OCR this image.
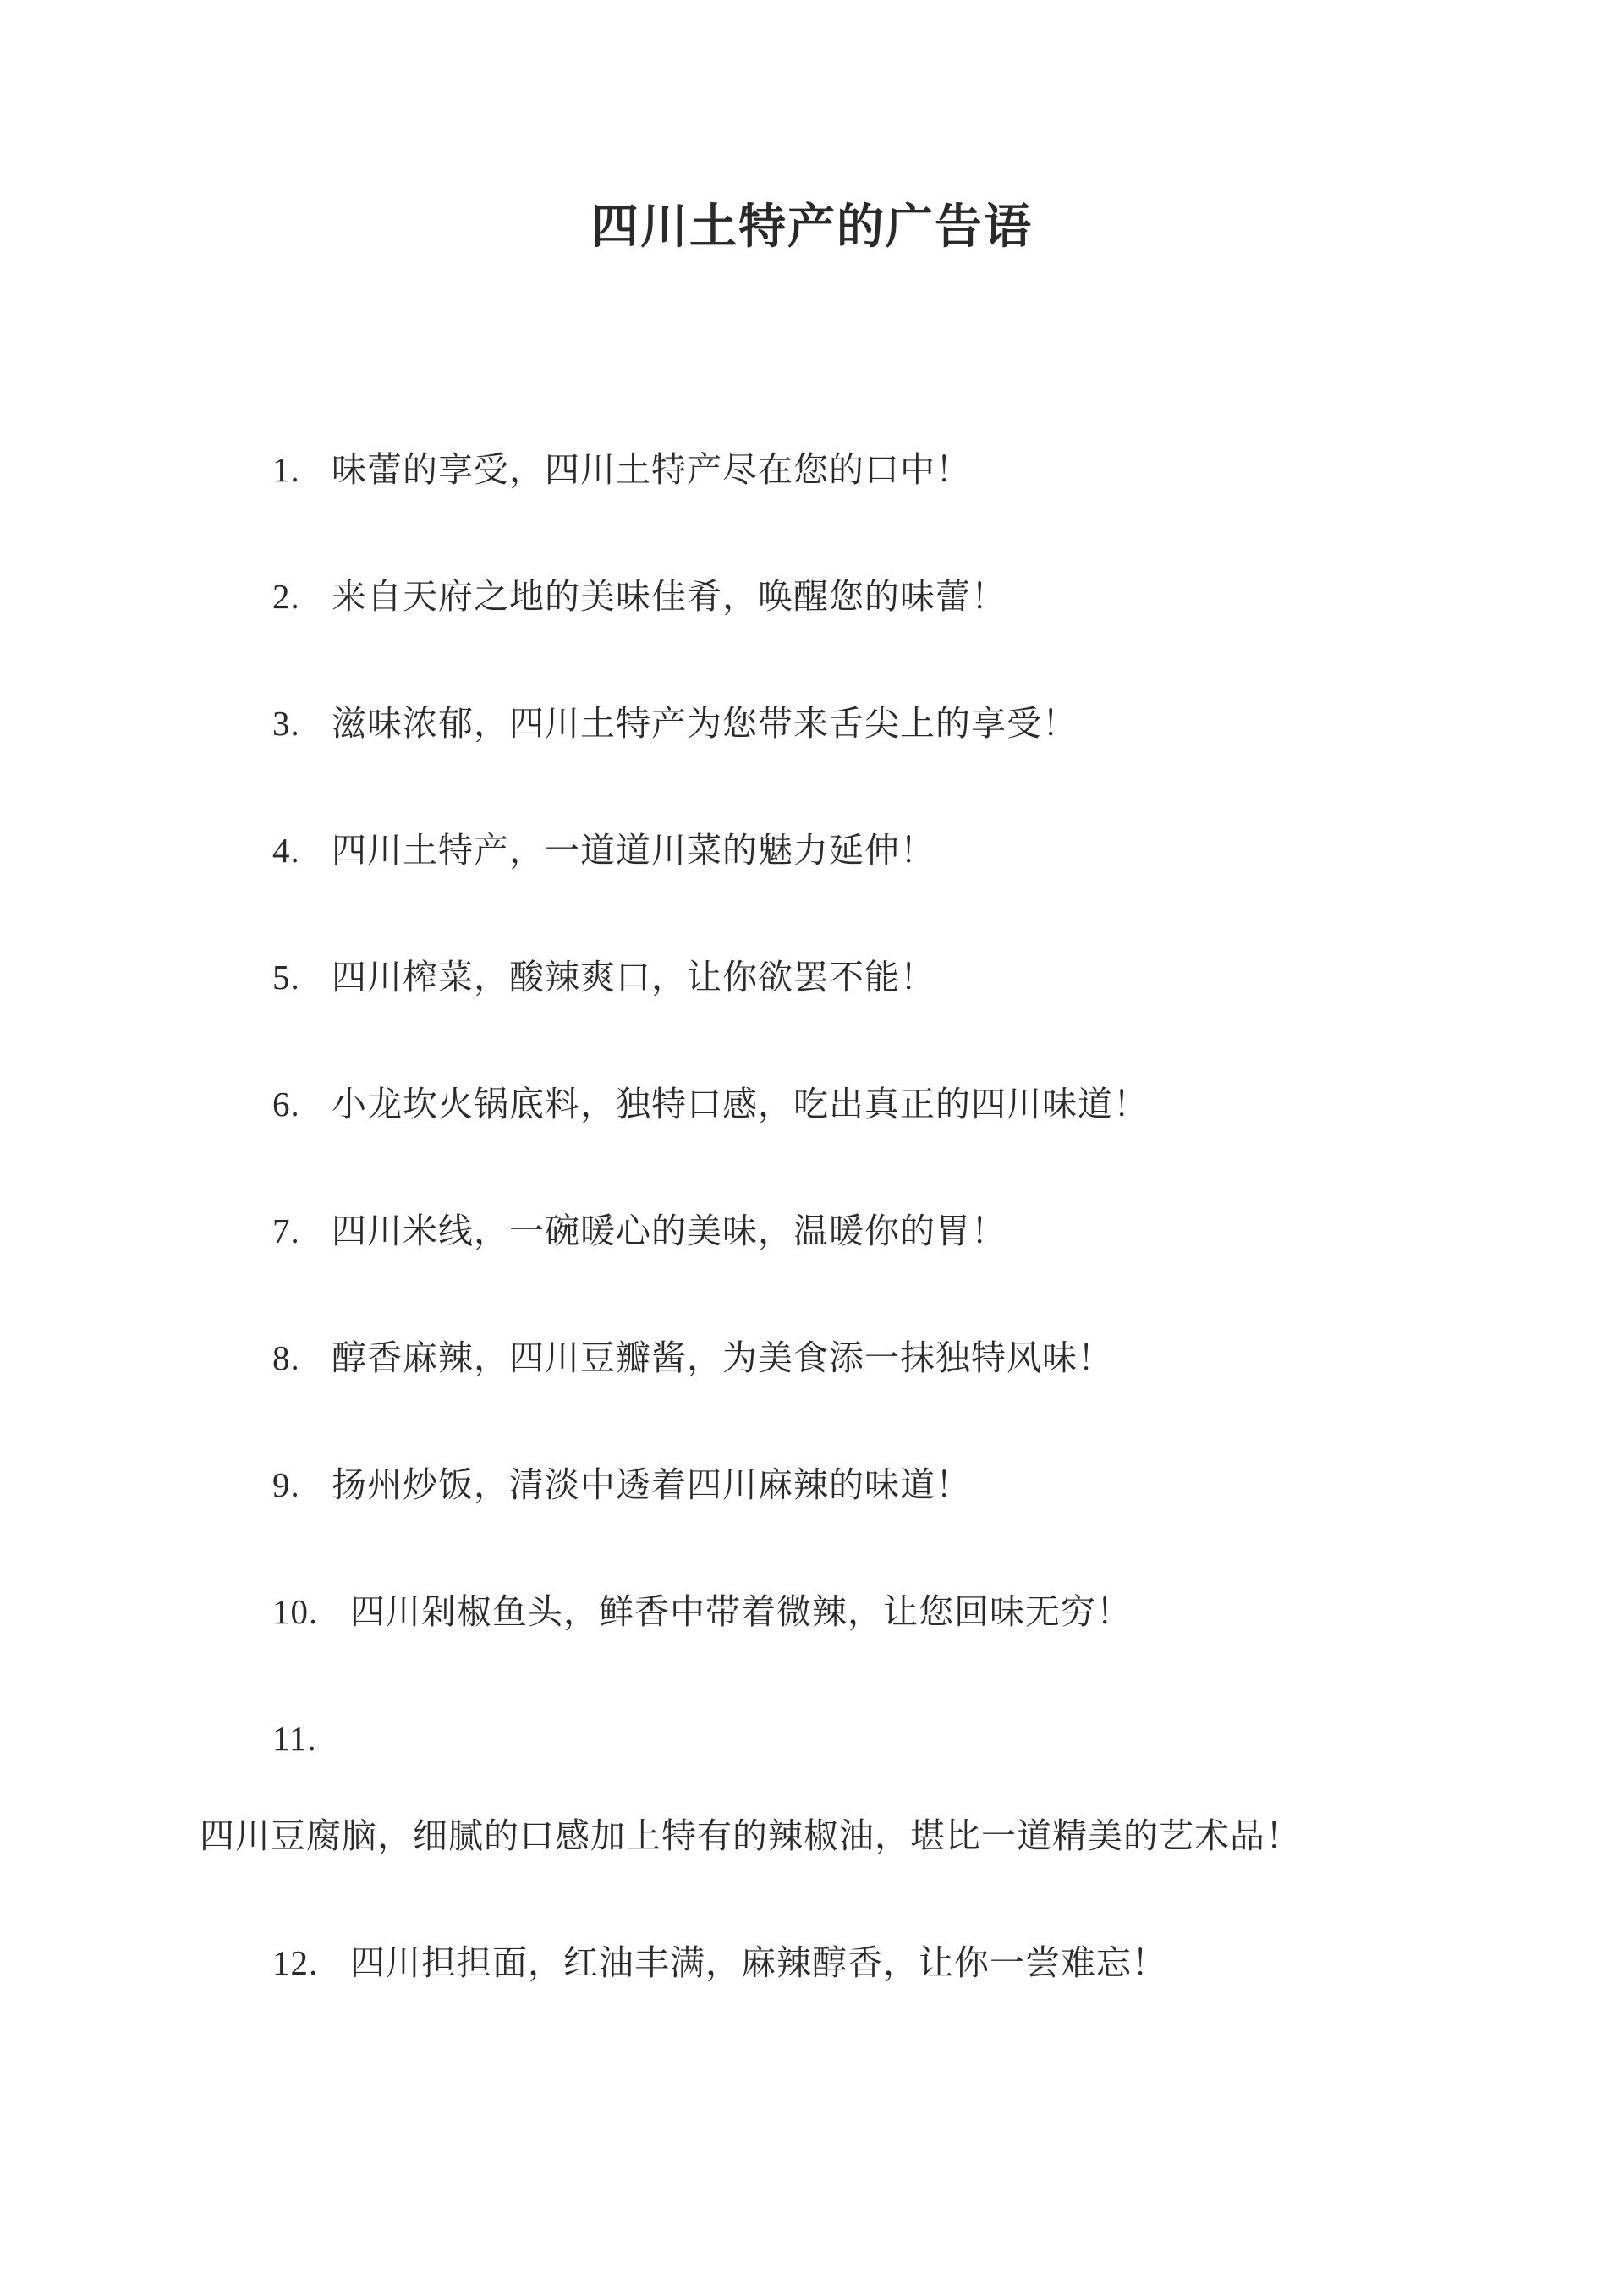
四川土特产的广告语
1. 味蕾的享受，四川土特产尽在您的口中！
2. 来自天府之地的美味佳肴，唤醒您的味蕾！
3. 滋味浓郁，四川土特产为您带来舌尖上的享受！
4. 四川土特产，一道道川菜的魅力延伸！
5. 四川榨菜，酸辣爽口，让你欲罢不能！
6. 小龙坎火锅底料，独特口感，吃出真正的四川味道！
7. 四川米线，一碗暖心的美味，温暖你的胃！
8. 醇香麻辣，四川豆瓣酱，为美食添一抹独特风味！
9. 扬州炒饭，清淡中透着四川麻辣的味道！
10. 四川剁椒鱼头，鲜香中带着微辣，让您回味无穷！
11.
四川豆腐脑，细腻的口感加上特有的辣椒油，堪比一道精美的艺术品！
12. 四川担担面，红油丰满，麻辣醇香，让你一尝难忘！
